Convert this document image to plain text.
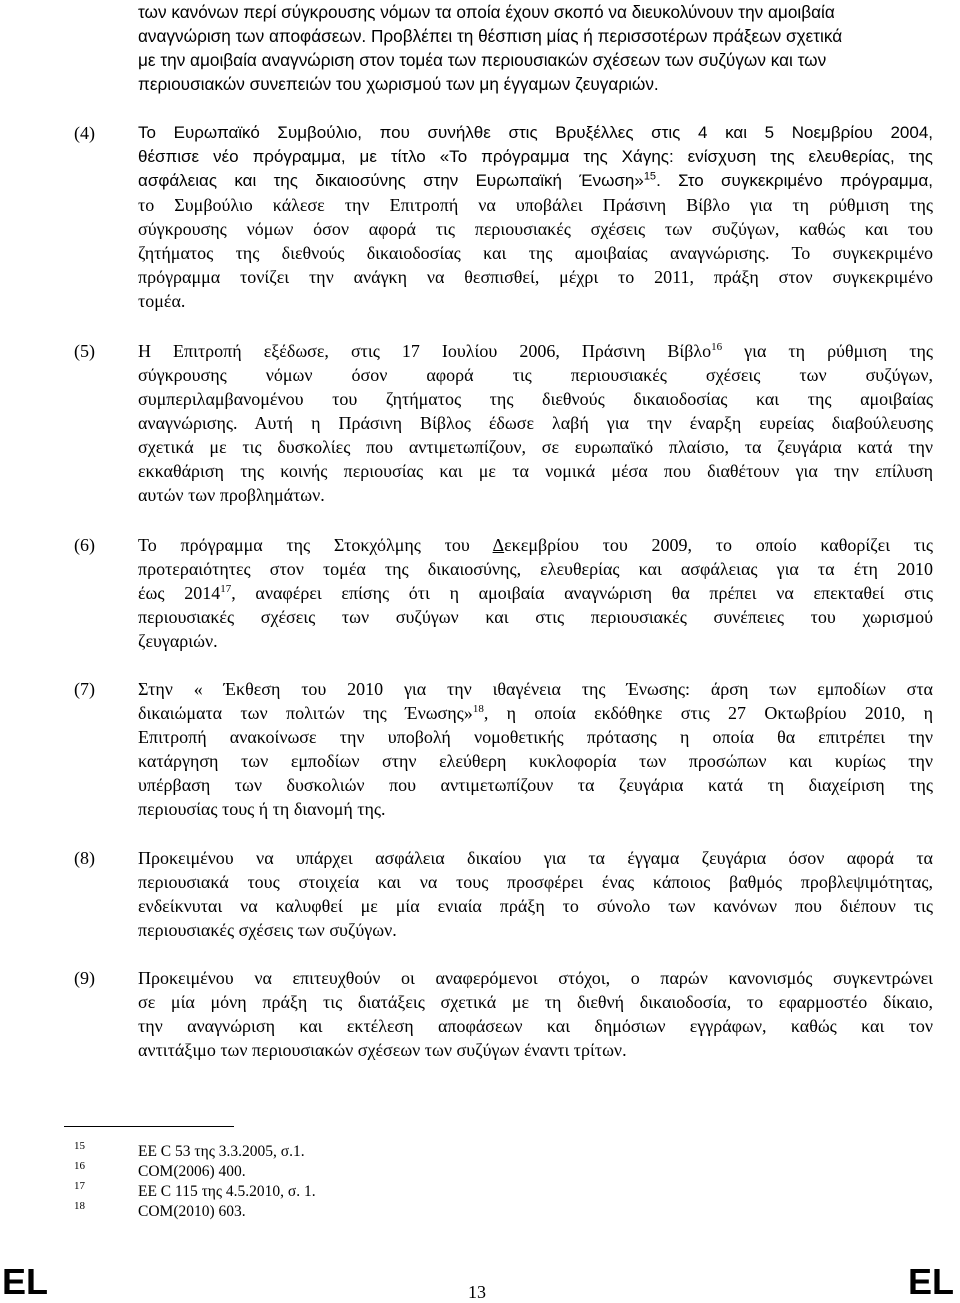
των κανόνων περί σύγκρουσης νόμων τα οποία έχουν σκοπό να διευκολύνουν την αμοιβαία
αναγνώριση των αποφάσεων. Προβλέπει τη θέσπιση μίας ή περισσοτέρων πράξεων σχετικά
με την αμοιβαία αναγνώριση στον τομέα των περιουσιακών σχέσεων των συζύγων και των
περιουσιακών συνεπειών του χωρισμού των μη έγγαμων ζευγαριών.
(4)	Το Ευρωπαϊκό Συμβούλιο, που συνήλθε στις Βρυξέλλες στις 4 και 5 Νοεμβρίου 2004,
θέσπισε νέο πρόγραμμα, με τίτλο «Το πρόγραμμα της Χάγης: ενίσχυση της ελευθερίας, της
ασφάλειας και της δικαιοσύνης στην Ευρωπαϊκή Ένωση»$^{15}$. Στο συγκεκριμένο πρόγραμμα,
το Συμβούλιο κάλεσε την Επιτροπή να υποβάλει Πράσινη Βίβλο για τη ρύθμιση της
σύγκρουσης νόμων όσον αφορά τις περιουσιακές σχέσεις των συζύγων, καθώς και του
ζητήματος της διεθνούς δικαιοδοσίας και της αμοιβαίας αναγνώρισης. Το συγκεκριμένο
πρόγραμμα τονίζει την ανάγκη να θεσπισθεί, μέχρι το 2011, πράξη στον συγκεκριμένο
τομέα.
(5) Η Επιτροπή εξέδωσε, στις 17 Ιουλίου 2006, Πράσινη Βίβλο$^{16}$ για τη ρύθμιση της
σύγκρουσης νόμων όσον αφορά τις περιουσιακές σχέσεις των συζύγων,
συμπεριλαμβανομένου του ζητήματος της διεθνούς δικαιοδοσίας και της αμοιβαίας
αναγνώρισης. Αυτή η Πράσινη Βίβλος έδωσε λαβή για την έναρξη ευρείας διαβούλευσης
σχετικά με τις δυσκολίες που αντιμετωπίζουν, σε ευρωπαϊκό πλαίσιο, τα ζευγάρια κατά την
εκκαθάριση της κοινής περιουσίας και με τα νομικά μέσα που διαθέτουν για την επίλυση
αυτών των προβλημάτων.
(6) Το πρόγραμμα της Στοκχόλμης του Δεκεμβρίου του 2009, το οποίο καθορίζει τις
προτεραιότητες στον τομέα της δικαιοσύνης, ελευθερίας και ασφάλειας για τα έτη 2010
έως 2014$^{17}$, αναφέρει επίσης ότι η αμοιβαία αναγνώριση θα πρέπει να επεκταθεί στις
περιουσιακές σχέσεις των συζύγων και στις περιουσιακές συνέπειες του χωρισμού
ζευγαριών.
(7) Στην « Έκθεση του 2010 για την ιθαγένεια της Ένωσης: άρση των εμποδίων στα
δικαιώματα των πολιτών της Ένωσης»$^{18}$, η οποία εκδόθηκε στις 27 Οκτωβρίου 2010, η
Επιτροπή ανακοίνωσε την υποβολή νομοθετικής πρότασης η οποία θα επιτρέπει την
κατάργηση των εμποδίων στην ελεύθερη κυκλοφορία των προσώπων και κυρίως την
υπέρβαση των δυσκολιών που αντιμετωπίζουν τα ζευγάρια κατά τη διαχείριση της
περιουσίας τους ή τη διανομή της.
(8) Προκειμένου να υπάρχει ασφάλεια δικαίου για τα έγγαμα ζευγάρια όσον αφορά τα
περιουσιακά τους στοιχεία και να τους προσφέρει ένας κάποιος βαθμός προβλεψιμότητας,
ενδείκνυται να καλυφθεί με μία ενιαία πράξη το σύνολο των κανόνων που διέπουν τις
περιουσιακές σχέσεις των συζύγων.
(9) Προκειμένου να επιτευχθούν οι αναφερόμενοι στόχοι, ο παρών κανονισμός συγκεντρώνει
σε μία μόνη πράξη τις διατάξεις σχετικά με τη διεθνή δικαιοδοσία, το εφαρμοστέο δίκαιο,
την αναγνώριση και εκτέλεση αποφάσεων και δημόσιων εγγράφων, καθώς και τον
αντιτάξιμο των περιουσιακών σχέσεων των συζύγων έναντι τρίτων.
15	ΕΕ C 53 της 3.3.2005, σ.1.
16	COM(2006) 400.
17	ΕΕ C 115 της 4.5.2010, σ. 1.
18	COM(2010) 603.
EL	13	EL
